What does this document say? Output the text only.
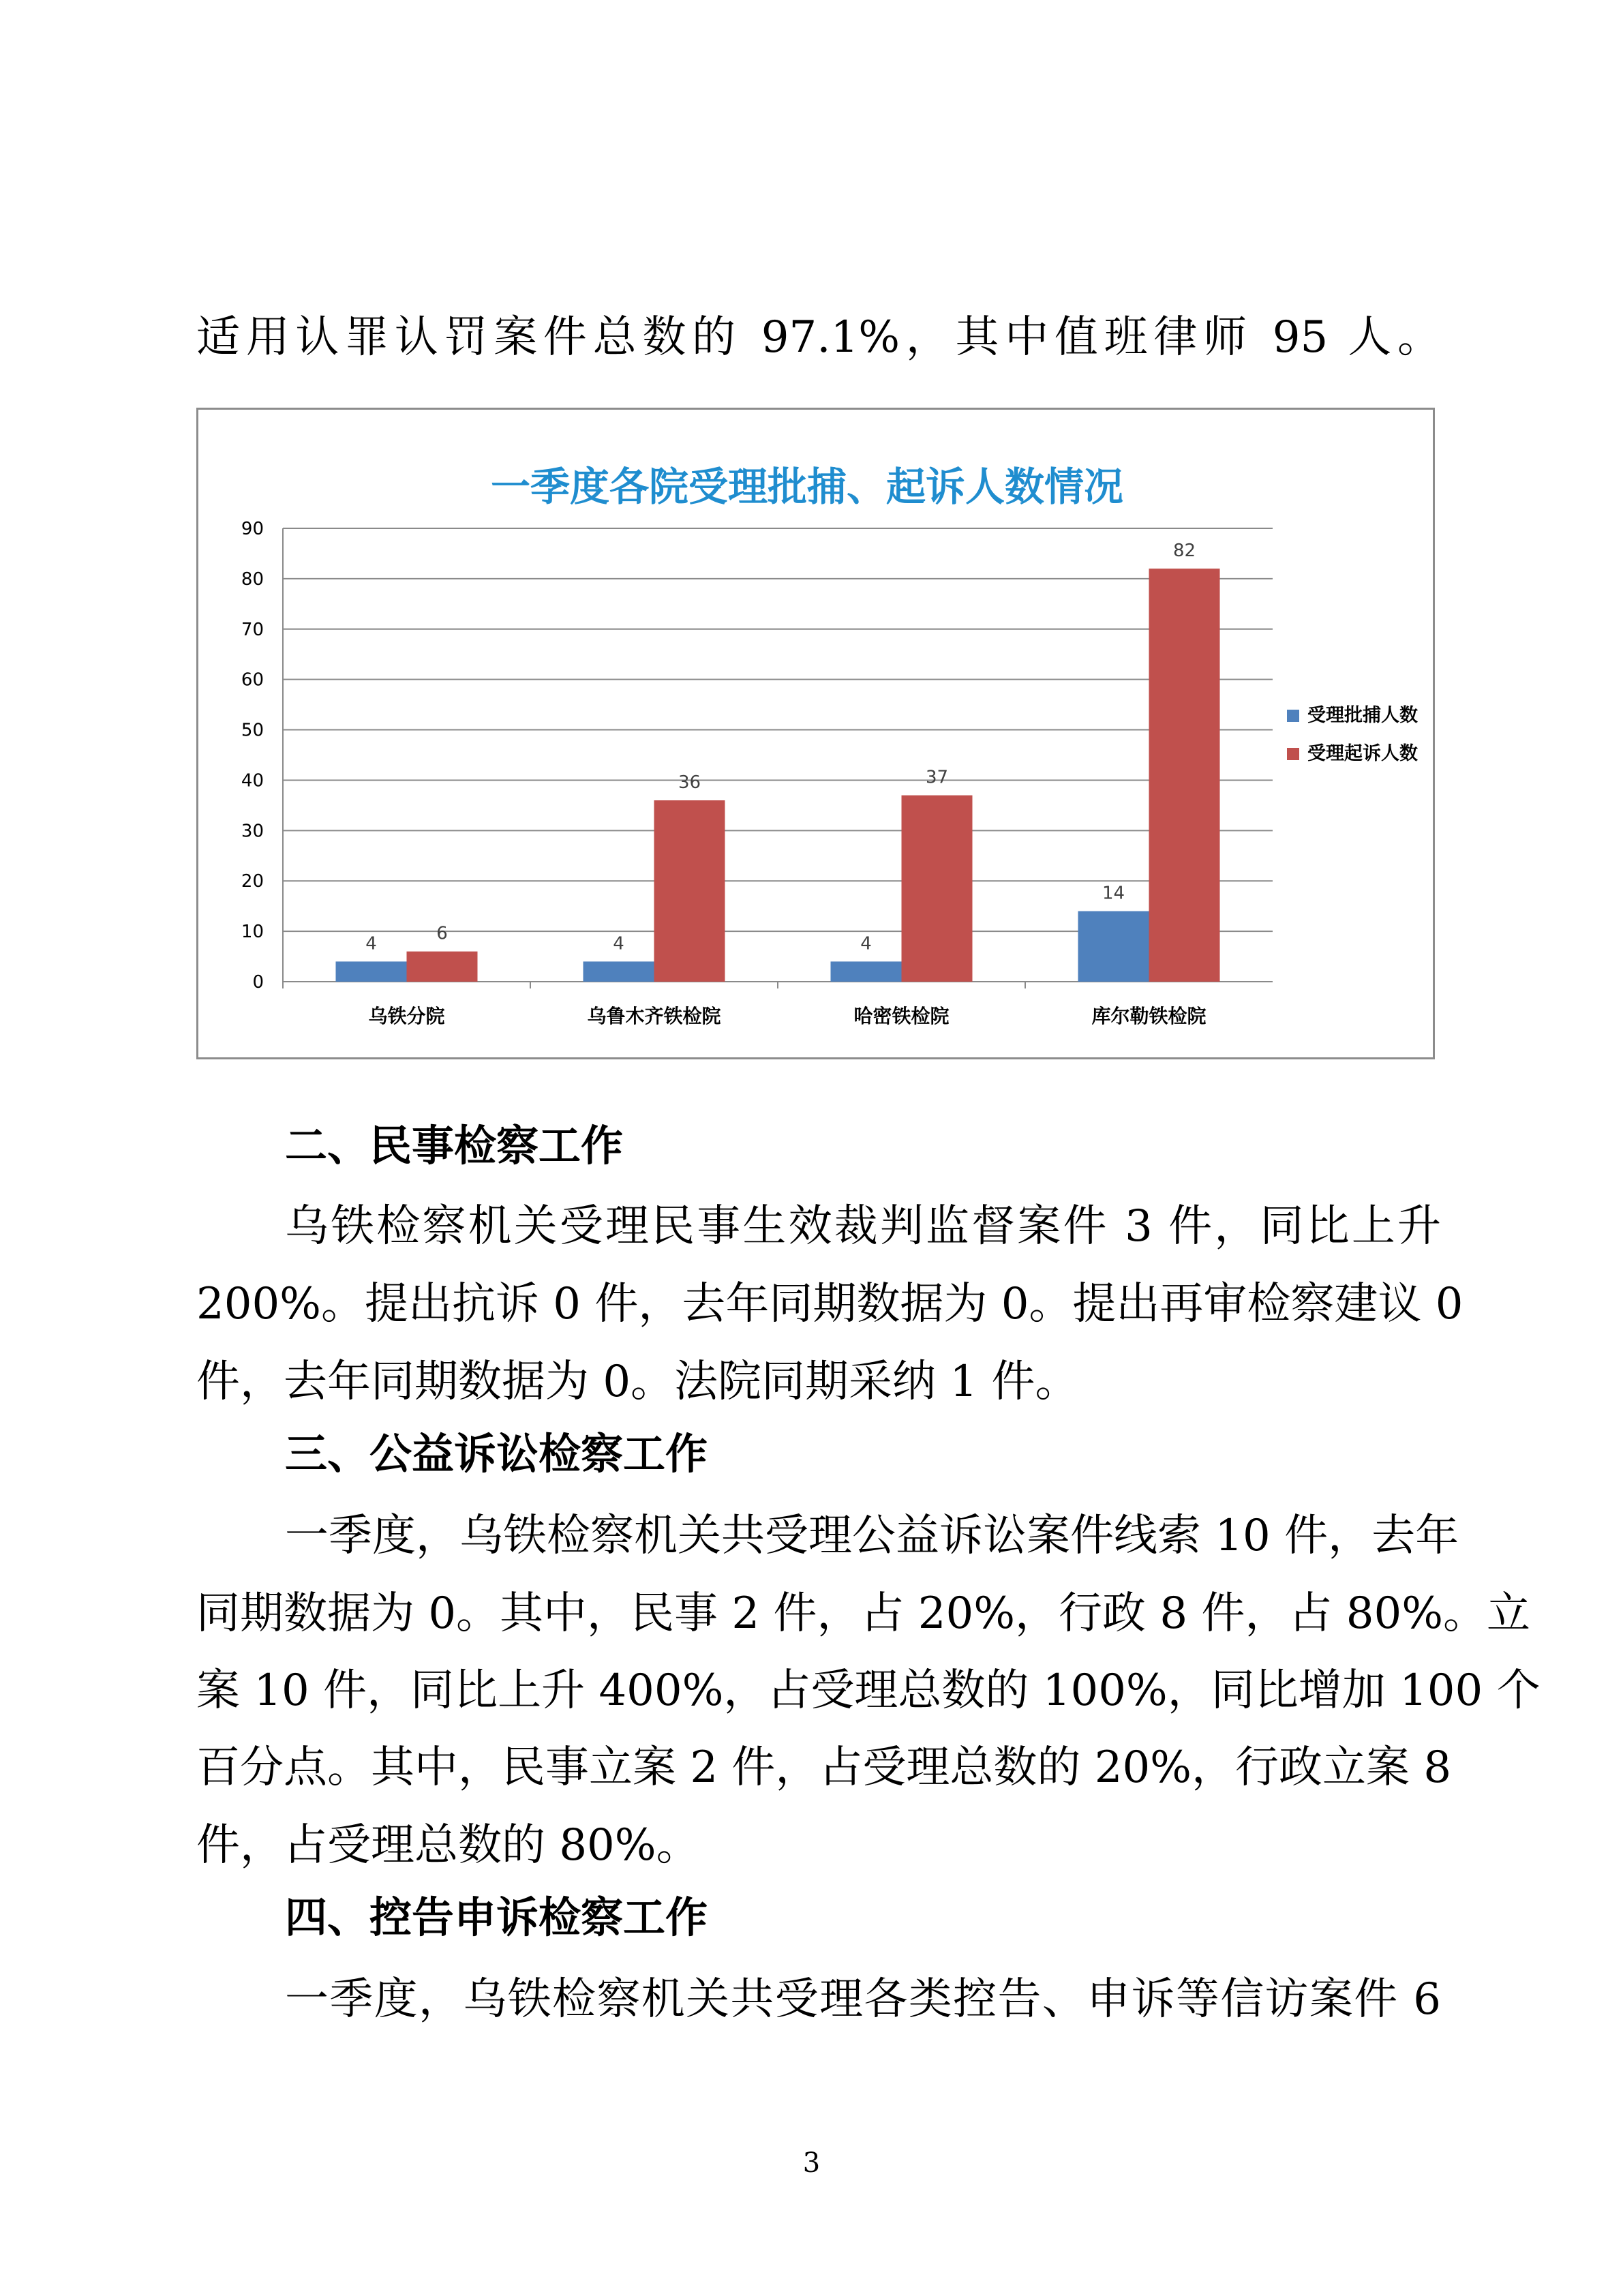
适用认罪认罚案件总数的 97.1%，其中值班律师 95 人。

一季度各院受理批捕、起诉人数情况
0
10
20
30
40
50
60
70
80
90
乌铁分院
4	6
乌鲁木齐铁检院
4
36
哈密铁检院
4
37
库尔勒铁检院
14
82
受理批捕人数
受理起诉人数

二、民事检察工作

乌铁检察机关受理民事生效裁判监督案件 3 件，同比上升

200%。提出抗诉 0 件，去年同期数据为 0。提出再审检察建议 0

件，去年同期数据为 0。法院同期采纳 1 件。

三、公益诉讼检察工作

一季度，乌铁检察机关共受理公益诉讼案件线索 10 件，去年

同期数据为 0。其中，民事 2 件，占 20%，行政 8 件，占 80%。立

案 10 件，同比上升 400%，占受理总数的 100%，同比增加 100 个

百分点。其中，民事立案 2 件，占受理总数的 20%，行政立案 8

件，占受理总数的 80%。

四、控告申诉检察工作

一季度，乌铁检察机关共受理各类控告、申诉等信访案件 6

3
